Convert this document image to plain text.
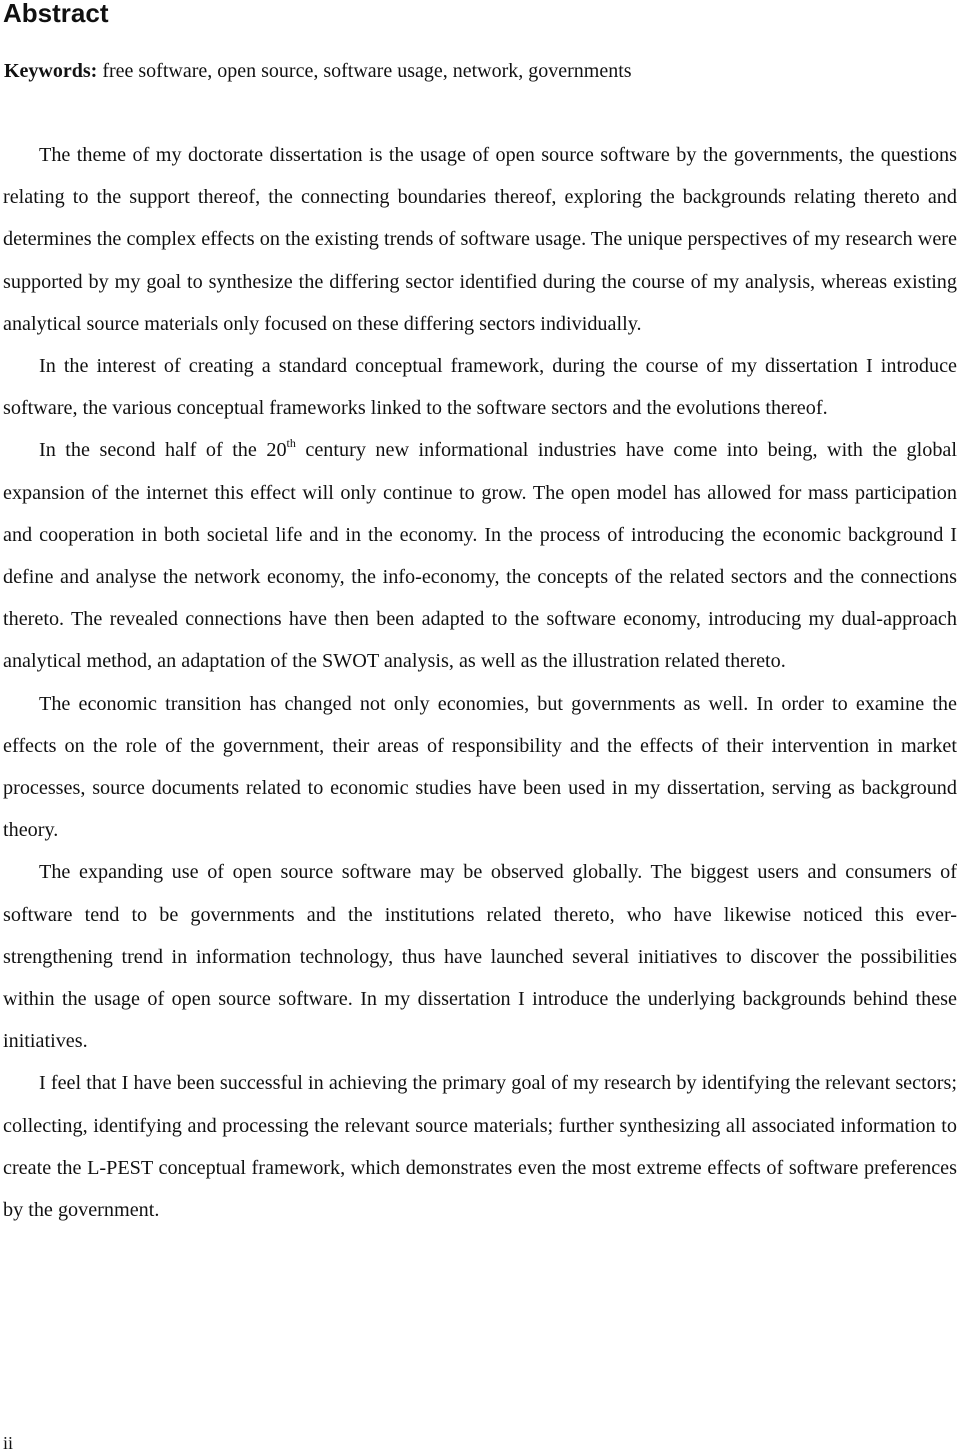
Abstract

Keywords: free software, open source, software usage, network, governments

The theme of my doctorate dissertation is the usage of open source software by the governments, the questions relating to the support thereof, the connecting boundaries thereof, exploring the backgrounds relating thereto and determines the complex effects on the existing trends of software usage. The unique perspectives of my research were supported by my goal to synthesize the differing sector identified during the course of my analysis, whereas existing analytical source materials only focused on these differing sectors individually.

In the interest of creating a standard conceptual framework, during the course of my dissertation I introduce software, the various conceptual frameworks linked to the software sectors and the evolutions thereof.

In the second half of the 20th century new informational industries have come into being, with the global expansion of the internet this effect will only continue to grow. The open model has allowed for mass participation and cooperation in both societal life and in the economy. In the process of introducing the economic background I define and analyse the network economy, the info-economy, the concepts of the related sectors and the connections thereto. The revealed connections have then been adapted to the software economy, introducing my dual-approach analytical method, an adaptation of the SWOT analysis, as well as the illustration related thereto.

The economic transition has changed not only economies, but governments as well. In order to examine the effects on the role of the government, their areas of responsibility and the effects of their intervention in market processes, source documents related to economic studies have been used in my dissertation, serving as background theory.

The expanding use of open source software may be observed globally. The biggest users and consumers of software tend to be governments and the institutions related thereto, who have likewise noticed this ever-strengthening trend in information technology, thus have launched several initiatives to discover the possibilities within the usage of open source software. In my dissertation I introduce the underlying backgrounds behind these initiatives.

I feel that I have been successful in achieving the primary goal of my research by identifying the relevant sectors; collecting, identifying and processing the relevant source materials; further synthesizing all associated information to create the L-PEST conceptual framework, which demonstrates even the most extreme effects of software preferences by the government.

ii
